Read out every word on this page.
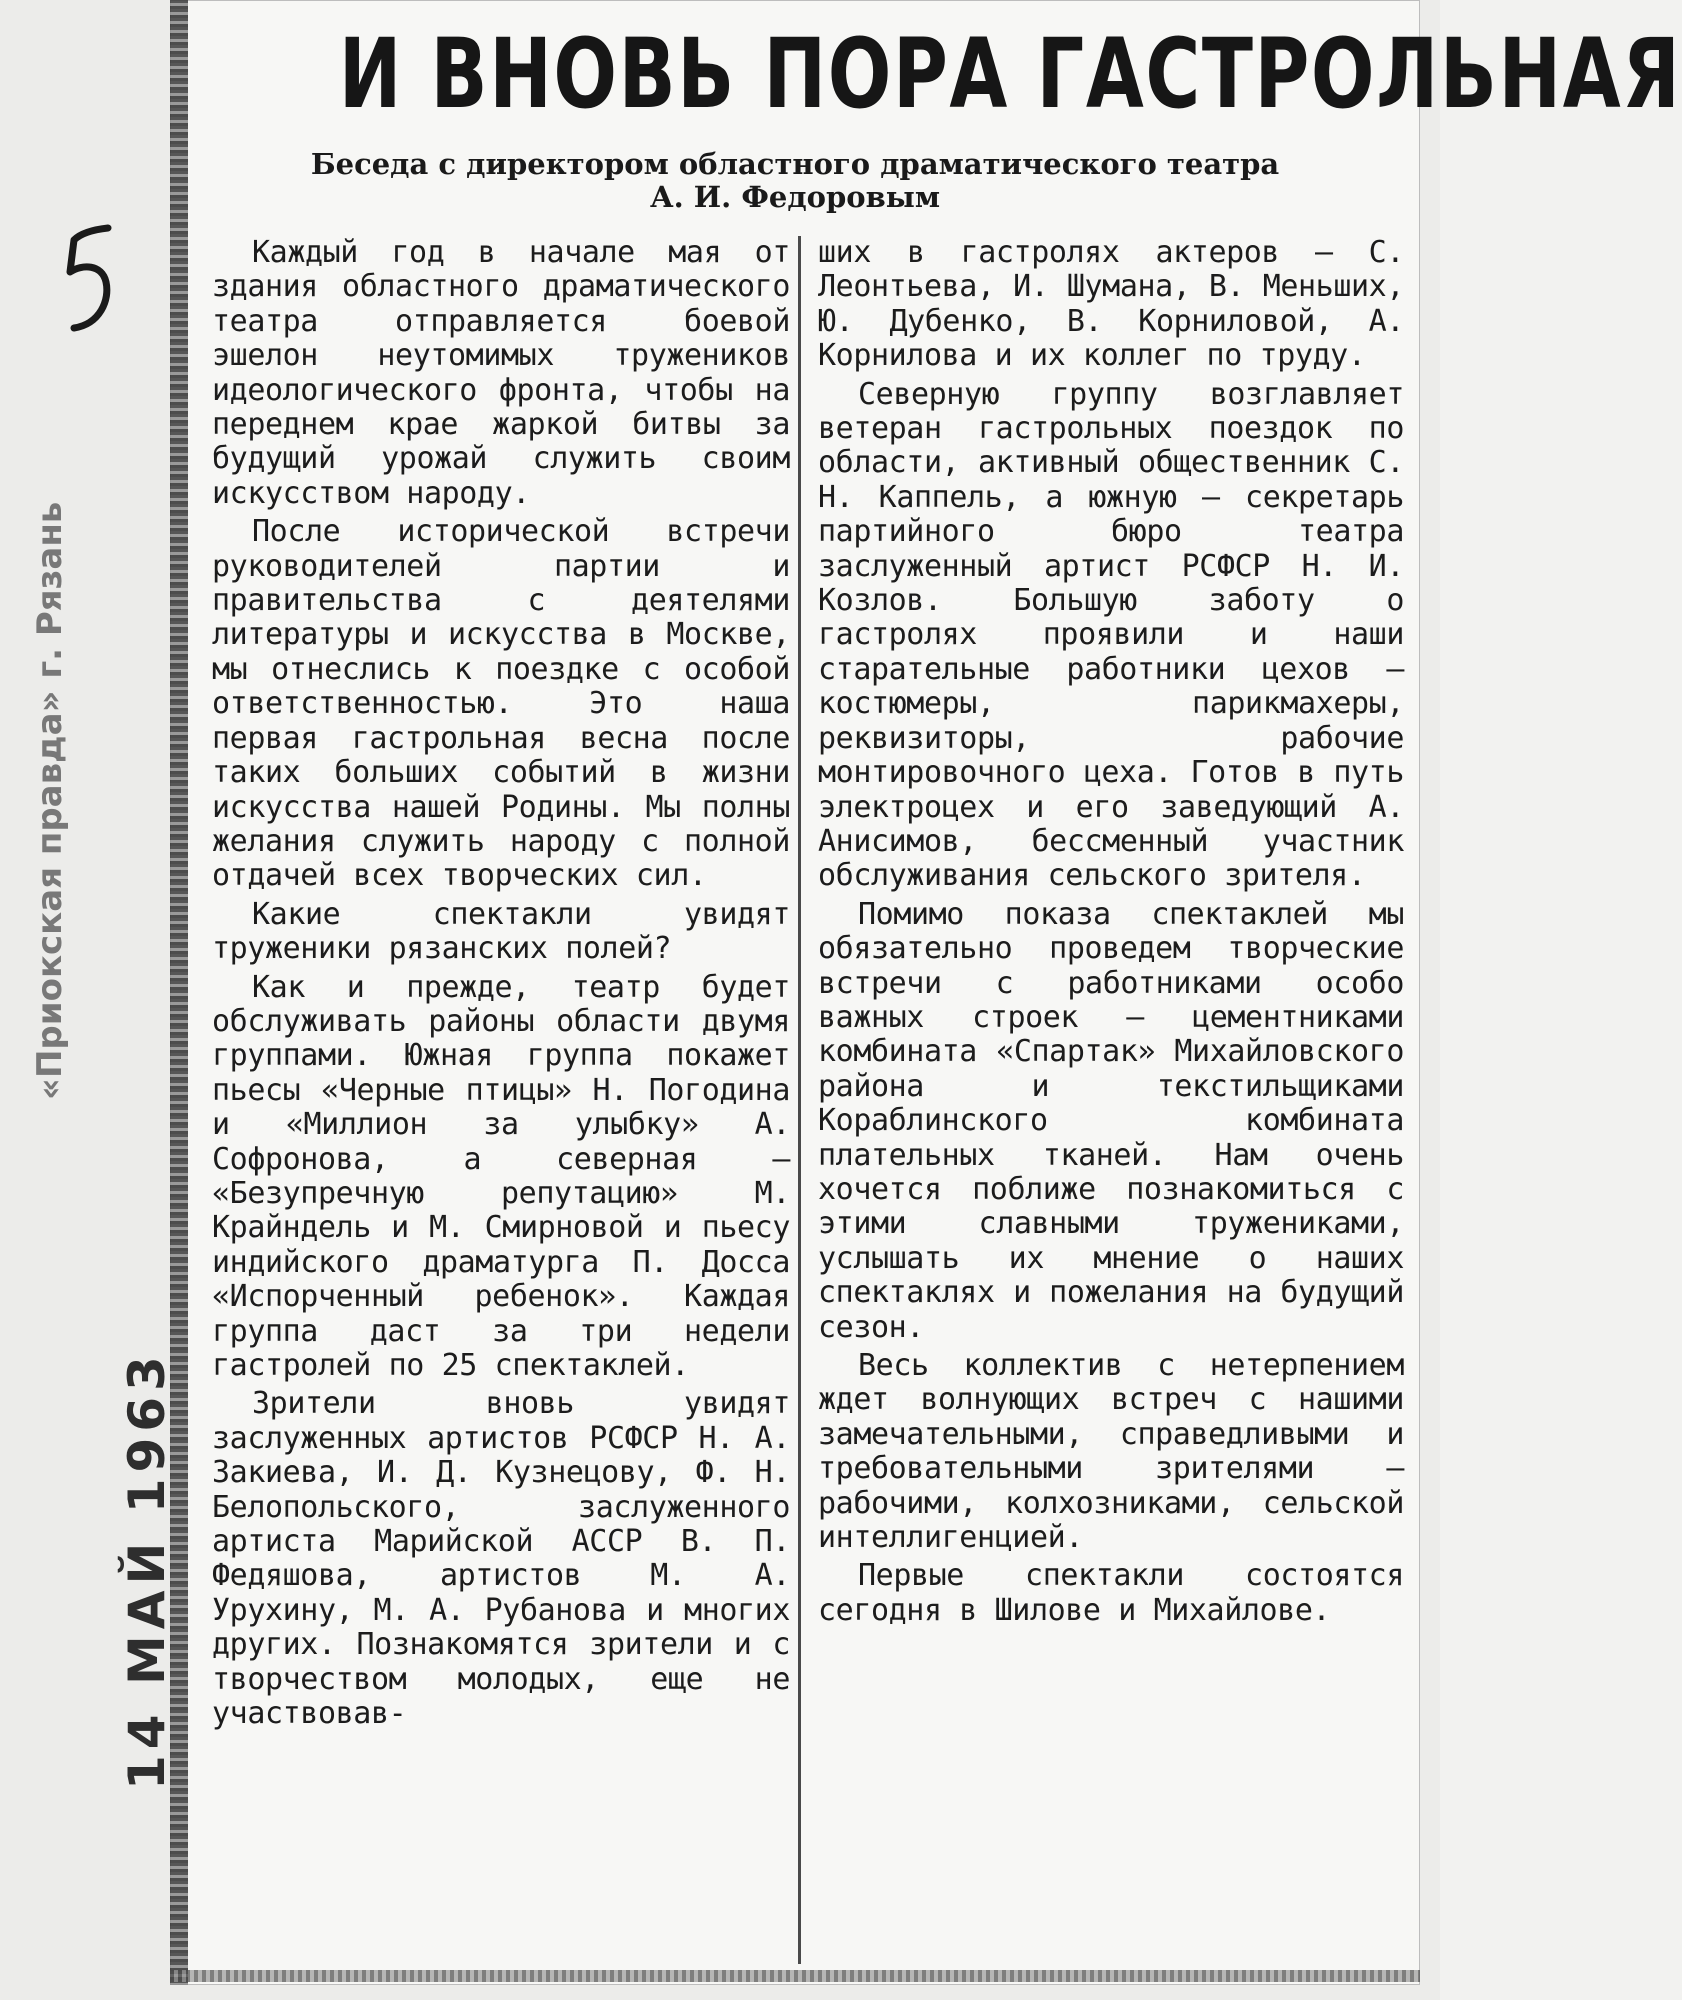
«Приокская правда» г. Рязань
14 МАЙ 1963
И ВНОВЬ ПОРА ГАСТРОЛЬНАЯ
Беседа с директором областного драматического театра
А. И. Федоровым

Каждый год в начале мая от здания областного драматического театра отправляется боевой эшелон неутомимых тружеников идеологического фронта, чтобы на переднем крае жаркой битвы за будущий урожай служить своим искусством народу.

После исторической встречи руководителей партии и правительства с деятелями литературы и искусства в Москве, мы отнеслись к поездке с особой ответственностью. Это наша первая гастрольная весна после таких больших событий в жизни искусства нашей Родины. Мы полны желания служить народу с полной отдачей всех творческих сил.

Какие спектакли увидят труженики рязанских полей?

Как и прежде, театр будет обслуживать районы области двумя группами. Южная группа покажет пьесы «Черные птицы» Н. Погодина и «Миллион за улыбку» А. Софронова, а северная — «Безупречную репутацию» М. Крайндель и М. Смирновой и пьесу индийского драматурга П. Досса «Испорченный ребенок». Каждая группа даст за три недели гастролей по 25 спектаклей.

Зрители вновь увидят заслуженных артистов РСФСР Н. А. Закиева, И. Д. Кузнецову, Ф. Н. Белопольского, заслуженного артиста Марийской АССР В. П. Федяшова, артистов М. А. Урухину, М. А. Рубанова и многих других. Познакомятся зрители и с творчеством молодых, еще не участвовав-

ших в гастролях актеров — С. Леонтьева, И. Шумана, В. Меньших, Ю. Дубенко, В. Корниловой, А. Корнилова и их коллег по труду.

Северную группу возглавляет ветеран гастрольных поездок по области, активный общественник С. Н. Каппель, а южную — секретарь партийного бюро театра заслуженный артист РСФСР Н. И. Козлов. Большую заботу о гастролях проявили и наши старательные работники цехов — костюмеры, парикмахеры, реквизиторы, рабочие монтировочного цеха. Готов в путь электроцех и его заведующий А. Анисимов, бессменный участник обслуживания сельского зрителя.

Помимо показа спектаклей мы обязательно проведем творческие встречи с работниками особо важных строек — цементниками комбината «Спартак» Михайловского района и текстильщиками Кораблинского комбината плательных тканей. Нам очень хочется поближе познакомиться с этими славными тружениками, услышать их мнение о наших спектаклях и пожелания на будущий сезон.

Весь коллектив с нетерпением ждет волнующих встреч с нашими замечательными, справедливыми и требовательными зрителями — рабочими, колхозниками, сельской интеллигенцией.

Первые спектакли состоятся сегодня в Шилове и Михайлове.
